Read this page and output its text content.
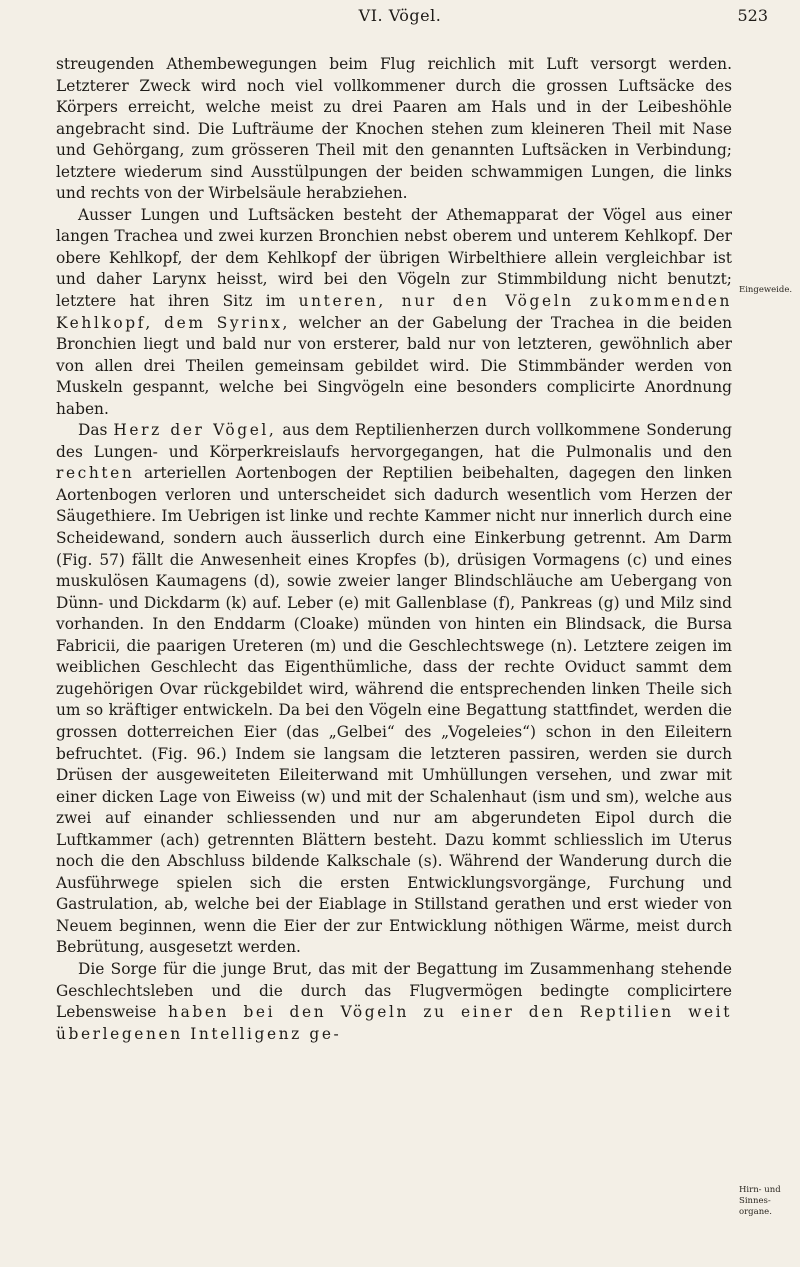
VI. Vögel.	523

streugenden Athembewegungen beim Flug reichlich mit Luft versorgt werden. Letzterer Zweck wird noch viel vollkommener durch die grossen Luftsäcke des Körpers erreicht, welche meist zu drei Paaren am Hals und in der Leibeshöhle angebracht sind. Die Lufträume der Knochen stehen zum kleineren Theil mit Nase und Gehörgang, zum grösseren Theil mit den genannten Luftsäcken in Verbindung; letztere wiederum sind Ausstülpungen der beiden schwammigen Lungen, die links und rechts von der Wirbelsäule herabziehen.

Ausser Lungen und Luftsäcken besteht der Athemapparat der Vögel aus einer langen Trachea und zwei kurzen Bronchien nebst oberem und unterem Kehlkopf. Der obere Kehlkopf, der dem Kehlkopf der übrigen Wirbelthiere allein vergleichbar ist und daher Larynx heisst, wird bei den Vögeln zur Stimmbildung nicht benutzt; letztere hat ihren Sitz im unteren, nur den Vögeln zukommenden Kehlkopf, dem Syrinx, welcher an der Gabelung der Trachea in die beiden Bronchien liegt und bald nur von ersterer, bald nur von letzteren, gewöhnlich aber von allen drei Theilen gemeinsam gebildet wird. Die Stimmbänder werden von Muskeln gespannt, welche bei Singvögeln eine besonders complicirte Anordnung haben.

Das Herz der Vögel, aus dem Reptilienherzen durch vollkommene Sonderung des Lungen- und Körperkreislaufs hervorgegangen, hat die Pulmonalis und den rechten arteriellen Aortenbogen der Reptilien beibehalten, dagegen den linken Aortenbogen verloren und unterscheidet sich dadurch wesentlich vom Herzen der Säugethiere. Im Uebrigen ist linke und rechte Kammer nicht nur innerlich durch eine Scheidewand, sondern auch äusserlich durch eine Einkerbung getrennt. Am Darm (Fig. 57) fällt die Anwesenheit eines Kropfes (b), drüsigen Vormagens (c) und eines muskulösen Kaumagens (d), sowie zweier langer Blindschläuche am Uebergang von Dünn- und Dickdarm (k) auf. Leber (e) mit Gallenblase (f), Pankreas (g) und Milz sind vorhanden. In den Enddarm (Cloake) münden von hinten ein Blindsack, die Bursa Fabricii, die paarigen Ureteren (m) und die Geschlechtswege (n). Letztere zeigen im weiblichen Geschlecht das Eigenthümliche, dass der rechte Oviduct sammt dem zugehörigen Ovar rückgebildet wird, während die entsprechenden linken Theile sich um so kräftiger entwickeln. Da bei den Vögeln eine Begattung stattfindet, werden die grossen dotterreichen Eier (das „Gelbei“ des „Vogeleies“) schon in den Eileitern befruchtet. (Fig. 96.) Indem sie langsam die letzteren passiren, werden sie durch Drüsen der ausgeweiteten Eileiterwand mit Umhüllungen versehen, und zwar mit einer dicken Lage von Eiweiss (w) und mit der Schalenhaut (ism und sm), welche aus zwei auf einander schliessenden und nur am abgerundeten Eipol durch die Luftkammer (ach) getrennten Blättern besteht. Dazu kommt schliesslich im Uterus noch die den Abschluss bildende Kalkschale (s). Während der Wanderung durch die Ausführwege spielen sich die ersten Entwicklungsvorgänge, Furchung und Gastrulation, ab, welche bei der Eiablage in Stillstand gerathen und erst wieder von Neuem beginnen, wenn die Eier der zur Entwicklung nöthigen Wärme, meist durch Bebrütung, ausgesetzt werden.

Die Sorge für die junge Brut, das mit der Begattung im Zusammenhang stehende Geschlechtsleben und die durch das Flugvermögen bedingte complicirtere Lebensweise haben bei den Vögeln zu einer den Reptilien weit überlegenen Intelligenz ge-

Eingeweide.
Hirn- und Sinnes- organe.
